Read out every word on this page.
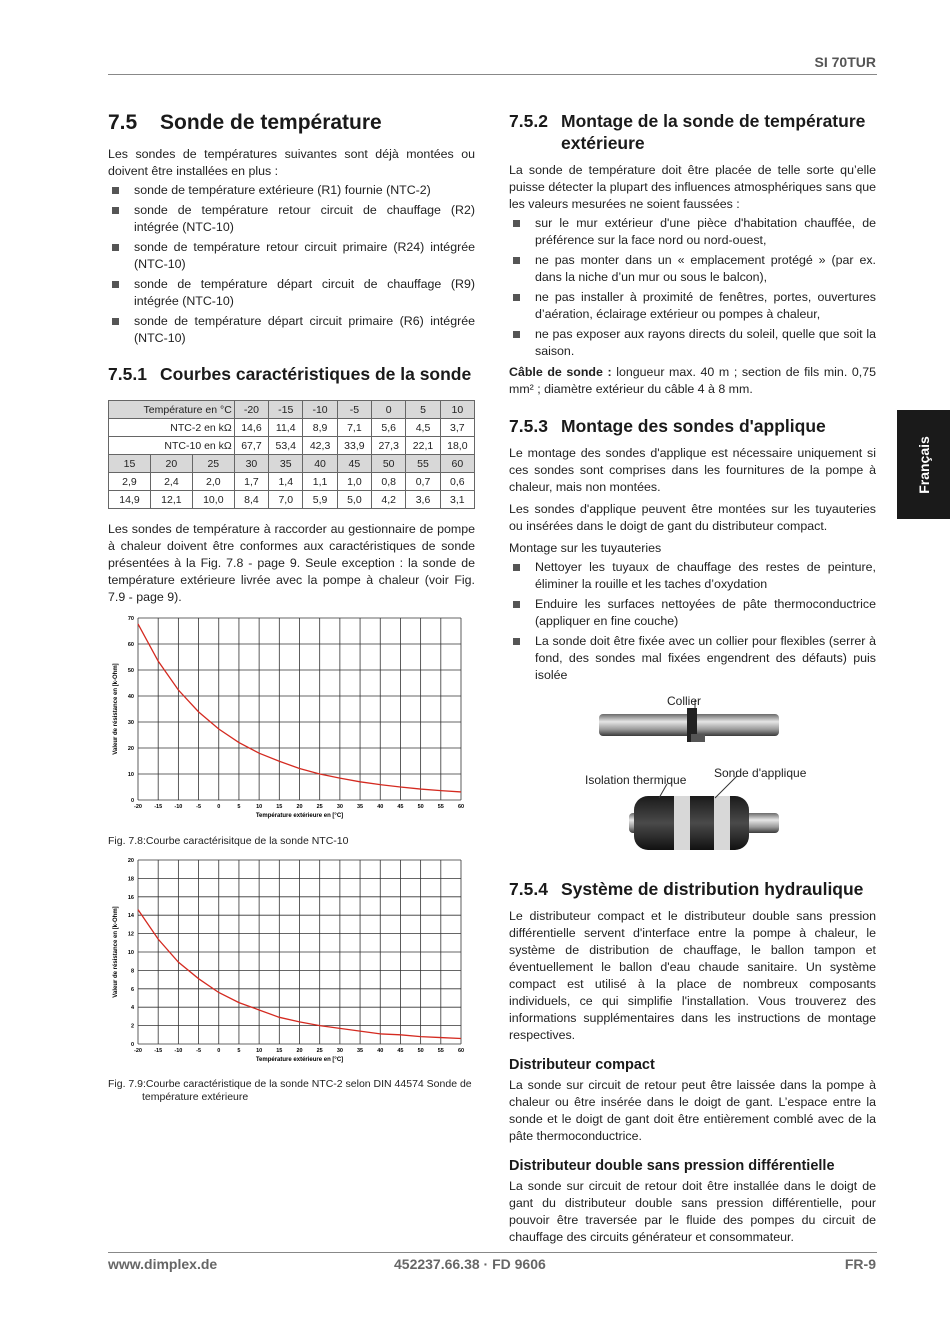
SI 70TUR
Français
7.5	Sonde de température

Les sondes de températures suivantes sont déjà montées ou doivent être installées en plus :

sonde de température extérieure (R1) fournie (NTC-2)
sonde de température retour circuit de chauffage (R2) intégrée (NTC-10)
sonde de température retour circuit primaire (R24) intégrée (NTC-10)
sonde de température départ circuit de chauffage (R9) intégrée (NTC-10)
sonde de température départ circuit primaire (R6) intégrée (NTC-10)
7.5.1 Courbes caractéristiques de la sonde
Température en °C			-20	-15	-10	-5	0	5	10
NTC-2 en kΩ			14,6	11,4	8,9	7,1	5,6	4,5	3,7
NTC-10 en kΩ			67,7	53,4	42,3	33,9	27,3	22,1	18,0
15	20	25	30	35	40	45	50	55	60
2,9	2,4	2,0	1,7	1,4	1,1	1,0	0,8	0,7	0,6
14,9	12,1	10,0	8,4	7,0	5,9	5,0	4,2	3,6	3,1

Les sondes de température à raccorder au gestionnaire de pompe à chaleur doivent être conformes aux caractéristiques de sonde présentées à la Fig. 7.8 - page 9. Seule exception : la sonde de température extérieure livrée avec la pompe à chaleur (voir Fig. 7.9 - page 9).

-20 -15 -10	-5	0	5	10	15	20	25	30	35	40	45	50	55	60
0
10
20
30
40
50
60
70
Température extérieure en [°C]
Valeur de résistance en [k-Ohm]
Fig. 7.8:Courbe caractérisitque de la sonde NTC-10
-20 -15 -10	-5	0	5	10	15	20	25	30	35	40	45	50	55	60
0
2
4
6
8
10
12
14
16
18
20
Température extérieure en [°C]
Valeur de résistance en [k-Ohm]
Fig. 7.9:Courbe caractéristique de la sonde NTC-2 selon DIN 44574 Sonde de température extérieure
7.5.2 Montage de la sonde de température extérieure

La sonde de température doit être placée de telle sorte qu’elle puisse détecter la plupart des influences atmosphériques sans que les valeurs mesurées ne soient faussées :

sur le mur extérieur d'une pièce d'habitation chauffée, de préférence sur la face nord ou nord-ouest,
ne pas monter dans un « emplacement protégé » (par ex. dans la niche d’un mur ou sous le balcon),
ne pas installer à proximité de fenêtres, portes, ouvertures d’aération, éclairage extérieur ou pompes à chaleur,
ne pas exposer aux rayons directs du soleil, quelle que soit la saison.

Câble de sonde : longueur max. 40 m ; section de fils min. 0,75 mm² ; diamètre extérieur du câble 4 à 8 mm.

7.5.3 Montage des sondes d'applique

Le montage des sondes d'applique est nécessaire uniquement si ces sondes sont comprises dans les fournitures de la pompe à chaleur, mais non montées.

Les sondes d'applique peuvent être montées sur les tuyauteries ou insérées dans le doigt de gant du distributeur compact.

Montage sur les tuyauteries

Nettoyer les tuyaux de chauffage des restes de peinture, éliminer la rouille et les taches d’oxydation
Enduire les surfaces nettoyées de pâte thermoconductrice (appliquer en fine couche)
La sonde doit être fixée avec un collier pour flexibles (serrer à fond, des sondes mal fixées engendrent des défauts) puis isolée
Collier
Isolation thermique Sonde d'applique
7.5.4 Système de distribution hydraulique

Le distributeur compact et le distributeur double sans pression différentielle servent d'interface entre la pompe à chaleur, le système de distribution de chauffage, le ballon tampon et éventuellement le ballon d'eau chaude sanitaire. Un système compact est utilisé à la place de nombreux composants individuels, ce qui simplifie l'installation. Vous trouverez des informations supplémentaires dans les instructions de montage respectives.

Distributeur compact

La sonde sur circuit de retour peut être laissée dans la pompe à chaleur ou être insérée dans le doigt de gant. L’espace entre la sonde et le doigt de gant doit être entièrement comblé avec de la pâte thermoconductrice.

Distributeur double sans pression différentielle

La sonde sur circuit de retour doit être installée dans le doigt de gant du distributeur double sans pression différentielle, pour pouvoir être traversée par le fluide des pompes du circuit de chauffage des circuits générateur et consommateur.

www.dimplex.de	452237.66.38 · FD 9606	FR-9
